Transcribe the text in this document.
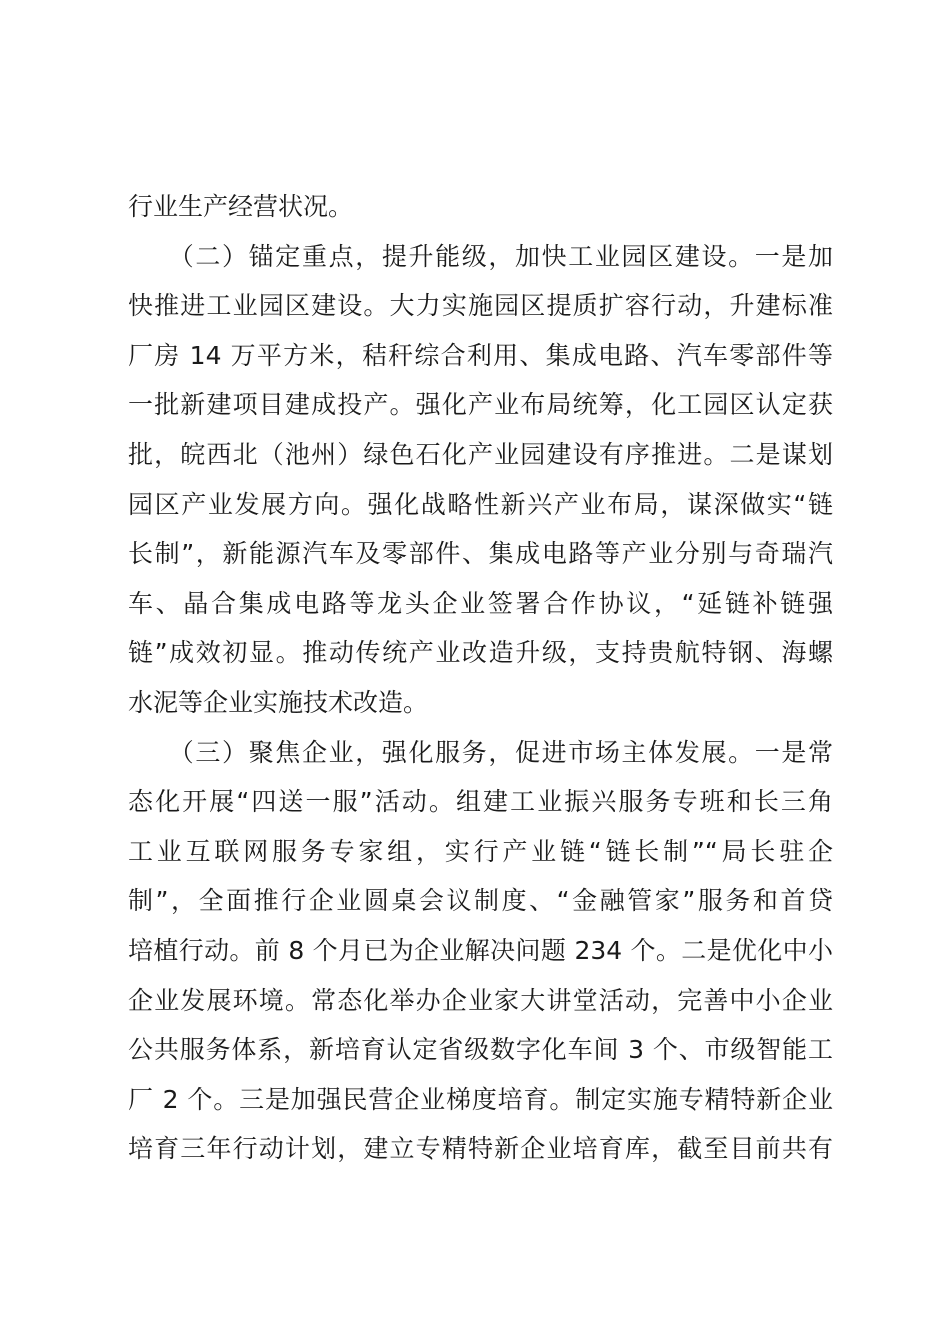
行业生产经营状况。
　　（二）锚定重点，提升能级，加快工业园区建设。一是加
快推进工业园区建设。大力实施园区提质扩容行动，升建标准
厂房 14 万平方米，秸秆综合利用、集成电路、汽车零部件等
一批新建项目建成投产。强化产业布局统筹，化工园区认定获
批，皖西北（池州）绿色石化产业园建设有序推进。二是谋划
园区产业发展方向。强化战略性新兴产业布局，谋深做实“链
长制”，新能源汽车及零部件、集成电路等产业分别与奇瑞汽
车、晶合集成电路等龙头企业签署合作协议，“延链补链强
链”成效初显。推动传统产业改造升级，支持贵航特钢、海螺
水泥等企业实施技术改造。
　　（三）聚焦企业，强化服务，促进市场主体发展。一是常
态化开展“四送一服”活动。组建工业振兴服务专班和长三角
工业互联网服务专家组，实行产业链“链长制”“局长驻企
制”，全面推行企业圆桌会议制度、“金融管家”服务和首贷
培植行动。前 8 个月已为企业解决问题 234 个。二是优化中小
企业发展环境。常态化举办企业家大讲堂活动，完善中小企业
公共服务体系，新培育认定省级数字化车间 3 个、市级智能工
厂 2 个。三是加强民营企业梯度培育。制定实施专精特新企业
培育三年行动计划，建立专精特新企业培育库，截至目前共有
